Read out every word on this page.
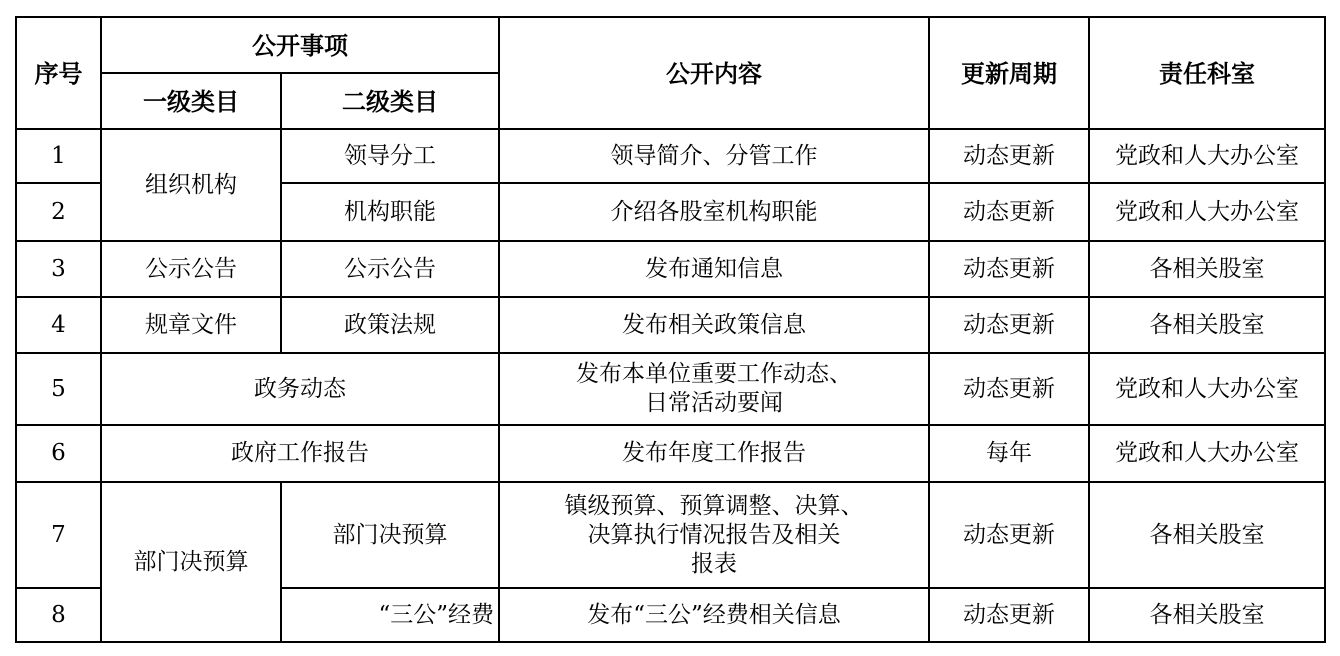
序号	公开事项		公开内容	更新周期	责任科室
	一级类目	二级类目			
1	组织机构	领导分工	领导简介、分管工作	动态更新	党政和人大办公室
2		机构职能	介绍各股室机构职能	动态更新	党政和人大办公室
3	公示公告	公示公告	发布通知信息	动态更新	各相关股室
4	规章文件	政策法规	发布相关政策信息	动态更新	各相关股室
5	政务动态		发布本单位重要工作动态、
日常活动要闻	动态更新	党政和人大办公室
6	政府工作报告		发布年度工作报告	每年	党政和人大办公室
7	部门决预算	部门决预算	镇级预算、预算调整、决算、
决算执行情况报告及相关
报表	动态更新	各相关股室
8		“三公”经费	发布“三公”经费相关信息	动态更新	各相关股室
